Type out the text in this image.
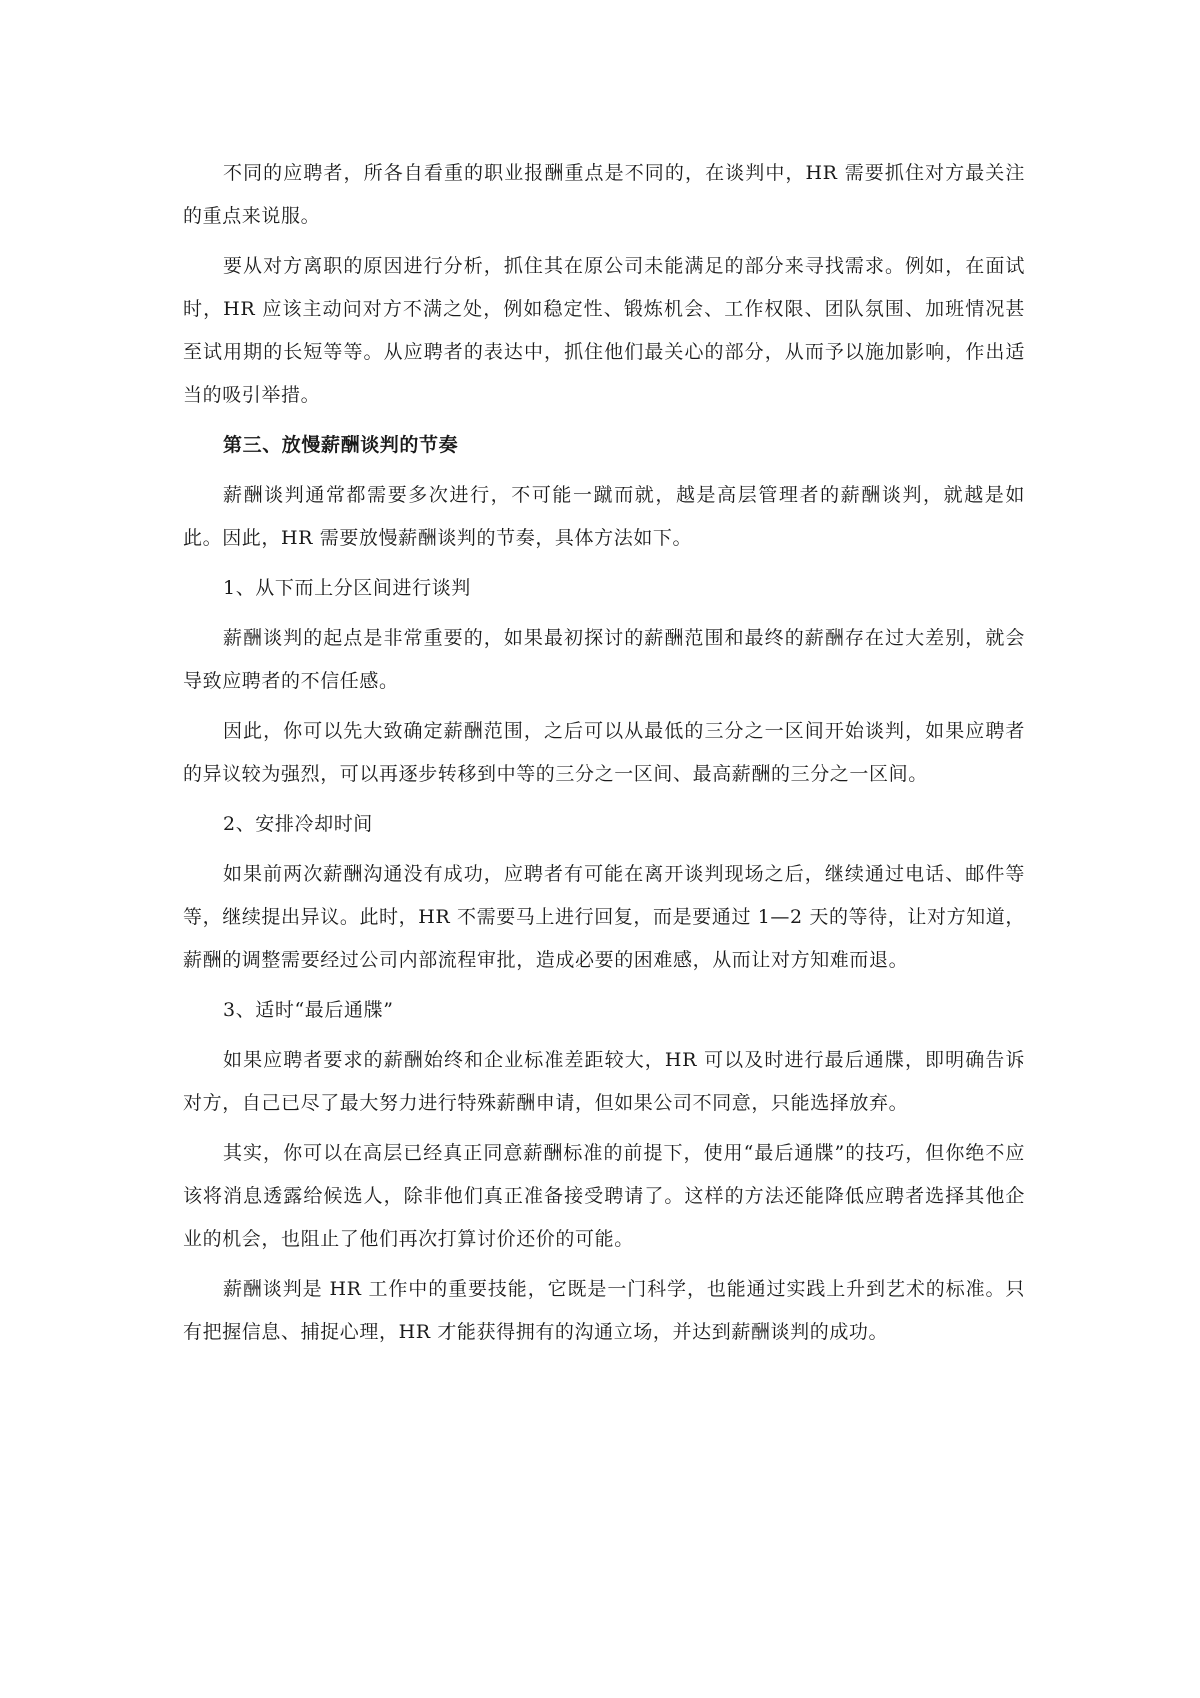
不同的应聘者，所各自看重的职业报酬重点是不同的，在谈判中，HR 需要抓住对方最关注的重点来说服。

要从对方离职的原因进行分析，抓住其在原公司未能满足的部分来寻找需求。例如，在面试时，HR 应该主动问对方不满之处，例如稳定性、锻炼机会、工作权限、团队氛围、加班情况甚至试用期的长短等等。从应聘者的表达中，抓住他们最关心的部分，从而予以施加影响，作出适当的吸引举措。

第三、放慢薪酬谈判的节奏

薪酬谈判通常都需要多次进行，不可能一蹴而就，越是高层管理者的薪酬谈判，就越是如此。因此，HR 需要放慢薪酬谈判的节奏，具体方法如下。

1、从下而上分区间进行谈判

薪酬谈判的起点是非常重要的，如果最初探讨的薪酬范围和最终的薪酬存在过大差别，就会导致应聘者的不信任感。

因此，你可以先大致确定薪酬范围，之后可以从最低的三分之一区间开始谈判，如果应聘者的异议较为强烈，可以再逐步转移到中等的三分之一区间、最高薪酬的三分之一区间。

2、安排冷却时间

如果前两次薪酬沟通没有成功，应聘者有可能在离开谈判现场之后，继续通过电话、邮件等等，继续提出异议。此时，HR 不需要马上进行回复，而是要通过 1—2 天的等待，让对方知道，薪酬的调整需要经过公司内部流程审批，造成必要的困难感，从而让对方知难而退。

3、适时“最后通牒”

如果应聘者要求的薪酬始终和企业标准差距较大，HR 可以及时进行最后通牒，即明确告诉对方，自己已尽了最大努力进行特殊薪酬申请，但如果公司不同意，只能选择放弃。

其实，你可以在高层已经真正同意薪酬标准的前提下，使用“最后通牒”的技巧，但你绝不应该将消息透露给候选人，除非他们真正准备接受聘请了。这样的方法还能降低应聘者选择其他企业的机会，也阻止了他们再次打算讨价还价的可能。

薪酬谈判是 HR 工作中的重要技能，它既是一门科学，也能通过实践上升到艺术的标准。只有把握信息、捕捉心理，HR 才能获得拥有的沟通立场，并达到薪酬谈判的成功。
